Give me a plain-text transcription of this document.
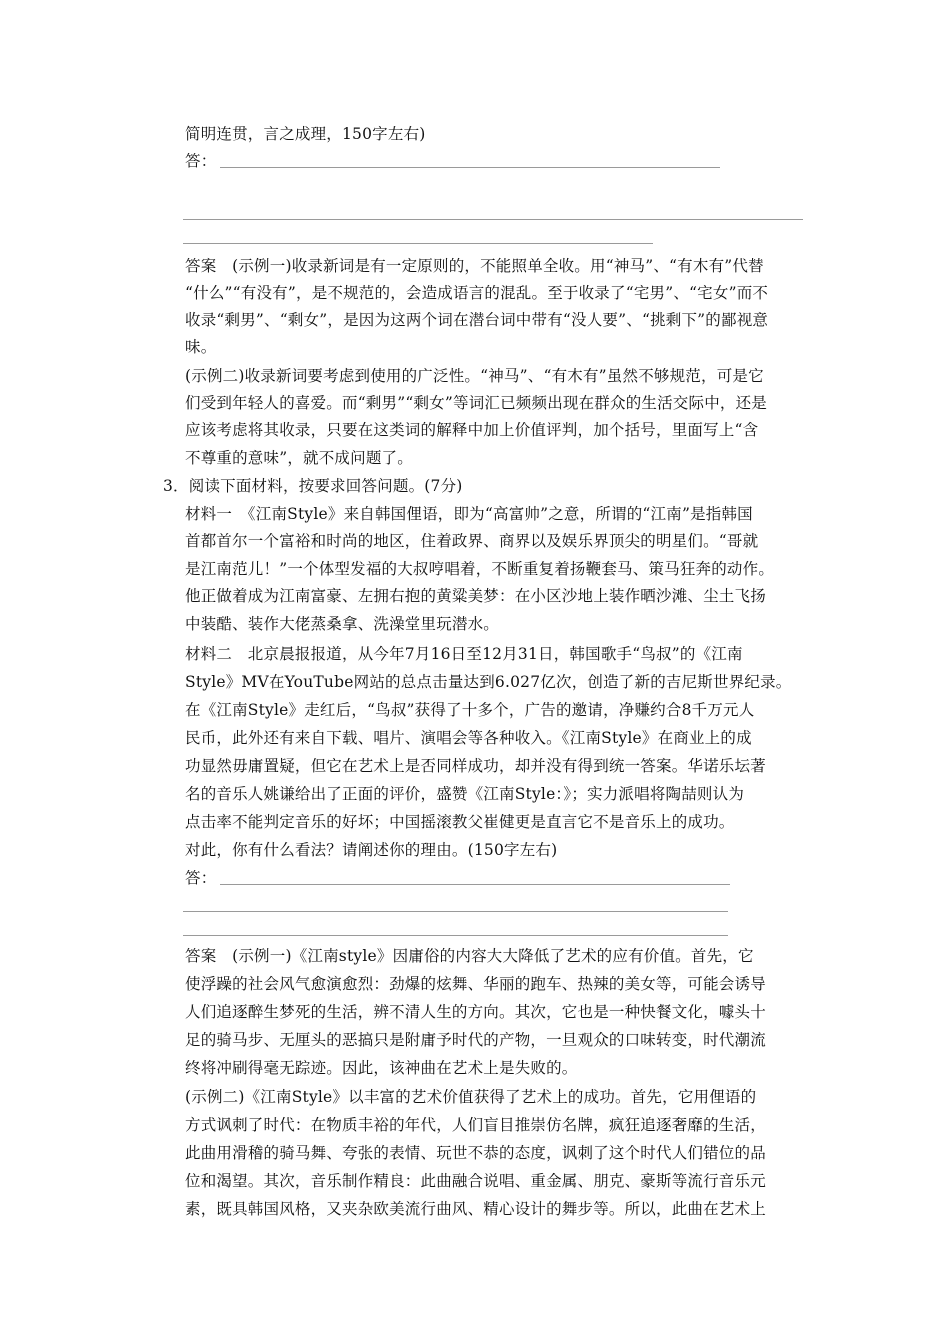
简明连贯，言之成理，150字左右)
答：
答案　(示例一)收录新词是有一定原则的，不能照单全收。用“神马”、“有木有”代替
“什么”“有没有”，是不规范的，会造成语言的混乱。至于收录了“宅男”、“宅女”而不
收录“剩男”、“剩女”，是因为这两个词在潜台词中带有“没人要”、“挑剩下”的鄙视意
味。
(示例二)收录新词要考虑到使用的广泛性。“神马”、“有木有”虽然不够规范，可是它
们受到年轻人的喜爱。而“剩男”“剩女”等词汇已频频出现在群众的生活交际中，还是
应该考虑将其收录，只要在这类词的解释中加上价值评判，加个括号，里面写上“含
不尊重的意味”，就不成问题了。
3．阅读下面材料，按要求回答问题。(7分)
材料一　《江南Style》来自韩国俚语，即为“高富帅”之意，所谓的“江南”是指韩国
首都首尔一个富裕和时尚的地区，住着政界、商界以及娱乐界顶尖的明星们。“哥就
是江南范儿！”一个体型发福的大叔哼唱着，不断重复着扬鞭套马、策马狂奔的动作。
他正做着成为江南富豪、左拥右抱的黄粱美梦：在小区沙地上装作晒沙滩、尘土飞扬
中装酷、装作大佬蒸桑拿、洗澡堂里玩潜水。
材料二　北京晨报报道，从今年7月16日至12月31日，韩国歌手“鸟叔”的《江南
Style》MV在YouTube网站的总点击量达到6.027亿次，创造了新的吉尼斯世界纪录。
在《江南Style》走红后，“鸟叔”获得了十多个，广告的邀请，净赚约合8千万元人
民币，此外还有来自下载、唱片、演唱会等各种收入。《江南Style》在商业上的成
功显然毋庸置疑，但它在艺术上是否同样成功，却并没有得到统一答案。华诺乐坛著
名的音乐人姚谦给出了正面的评价，盛赞《江南Style：》；实力派唱将陶喆则认为
点击率不能判定音乐的好坏；中国摇滚教父崔健更是直言它不是音乐上的成功。
对此，你有什么看法？请阐述你的理由。(150字左右)
答：
答案　(示例一)《江南style》因庸俗的内容大大降低了艺术的应有价值。首先，它
使浮躁的社会风气愈演愈烈：劲爆的炫舞、华丽的跑车、热辣的美女等，可能会诱导
人们追逐醉生梦死的生活，辨不清人生的方向。其次，它也是一种快餐文化，噱头十
足的骑马步、无厘头的恶搞只是附庸予时代的产物，一旦观众的口味转变，时代潮流
终将冲刷得毫无踪迹。因此，该神曲在艺术上是失败的。
(示例二)《江南Style》以丰富的艺术价值获得了艺术上的成功。首先，它用俚语的
方式讽刺了时代：在物质丰裕的年代，人们盲目推崇仿名牌，疯狂追逐奢靡的生活，
此曲用滑稽的骑马舞、夸张的表情、玩世不恭的态度，讽刺了这个时代人们错位的品
位和渴望。其次，音乐制作精良：此曲融合说唱、重金属、朋克、豪斯等流行音乐元
素，既具韩国风格，又夹杂欧美流行曲风、精心设计的舞步等。所以，此曲在艺术上
